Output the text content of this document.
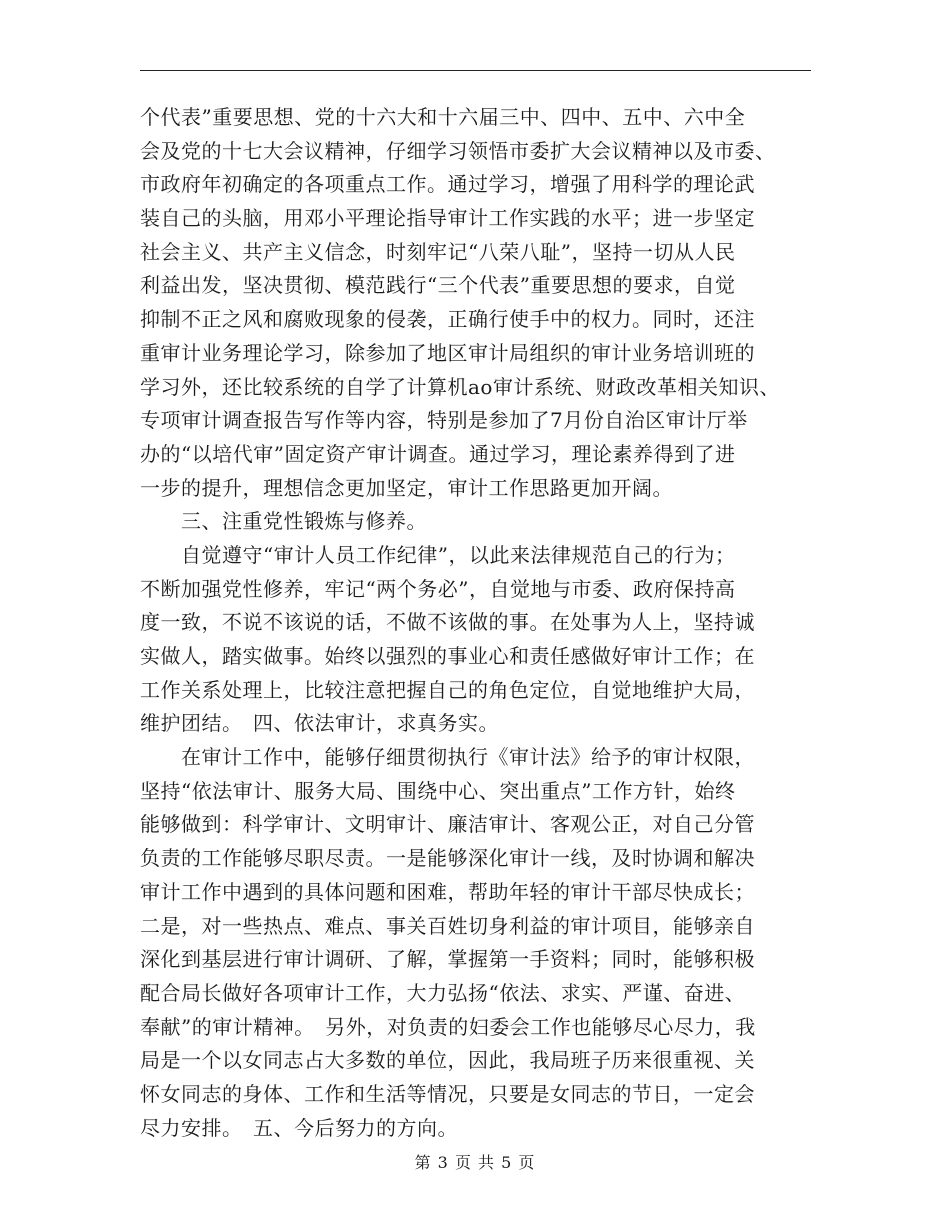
个代表”重要思想、党的十六大和十六届三中、四中、五中、六中全
会及党的十七大会议精神，仔细学习领悟市委扩大会议精神以及市委、
市政府年初确定的各项重点工作。通过学习，增强了用科学的理论武
装自己的头脑，用邓小平理论指导审计工作实践的水平；进一步坚定
社会主义、共产主义信念，时刻牢记“八荣八耻”，坚持一切从人民
利益出发，坚决贯彻、模范践行“三个代表”重要思想的要求，自觉
抑制不正之风和腐败现象的侵袭，正确行使手中的权力。同时，还注
重审计业务理论学习，除参加了地区审计局组织的审计业务培训班的
学习外，还比较系统的自学了计算机ao审计系统、财政改革相关知识、
专项审计调查报告写作等内容，特别是参加了7月份自治区审计厅举
办的“以培代审”固定资产审计调查。通过学习，理论素养得到了进
一步的提升，理想信念更加坚定，审计工作思路更加开阔。
　　三、注重党性锻炼与修养。
　　自觉遵守“审计人员工作纪律”，以此来法律规范自己的行为；
不断加强党性修养，牢记“两个务必”，自觉地与市委、政府保持高
度一致，不说不该说的话，不做不该做的事。在处事为人上，坚持诚
实做人，踏实做事。始终以强烈的事业心和责任感做好审计工作；在
工作关系处理上，比较注意把握自己的角色定位，自觉地维护大局，
维护团结。　四、依法审计，求真务实。
　　在审计工作中，能够仔细贯彻执行《审计法》给予的审计权限，
坚持“依法审计、服务大局、围绕中心、突出重点”工作方针，始终
能够做到：科学审计、文明审计、廉洁审计、客观公正，对自己分管
负责的工作能够尽职尽责。一是能够深化审计一线，及时协调和解决
审计工作中遇到的具体问题和困难，帮助年轻的审计干部尽快成长；
二是，对一些热点、难点、事关百姓切身利益的审计项目，能够亲自
深化到基层进行审计调研、了解，掌握第一手资料；同时，能够积极
配合局长做好各项审计工作，大力弘扬“依法、求实、严谨、奋进、
奉献”的审计精神。　另外，对负责的妇委会工作也能够尽心尽力，我
局是一个以女同志占大多数的单位，因此，我局班子历来很重视、关
怀女同志的身体、工作和生活等情况，只要是女同志的节日，一定会
尽力安排。　五、今后努力的方向。
第 3 页 共 5 页
